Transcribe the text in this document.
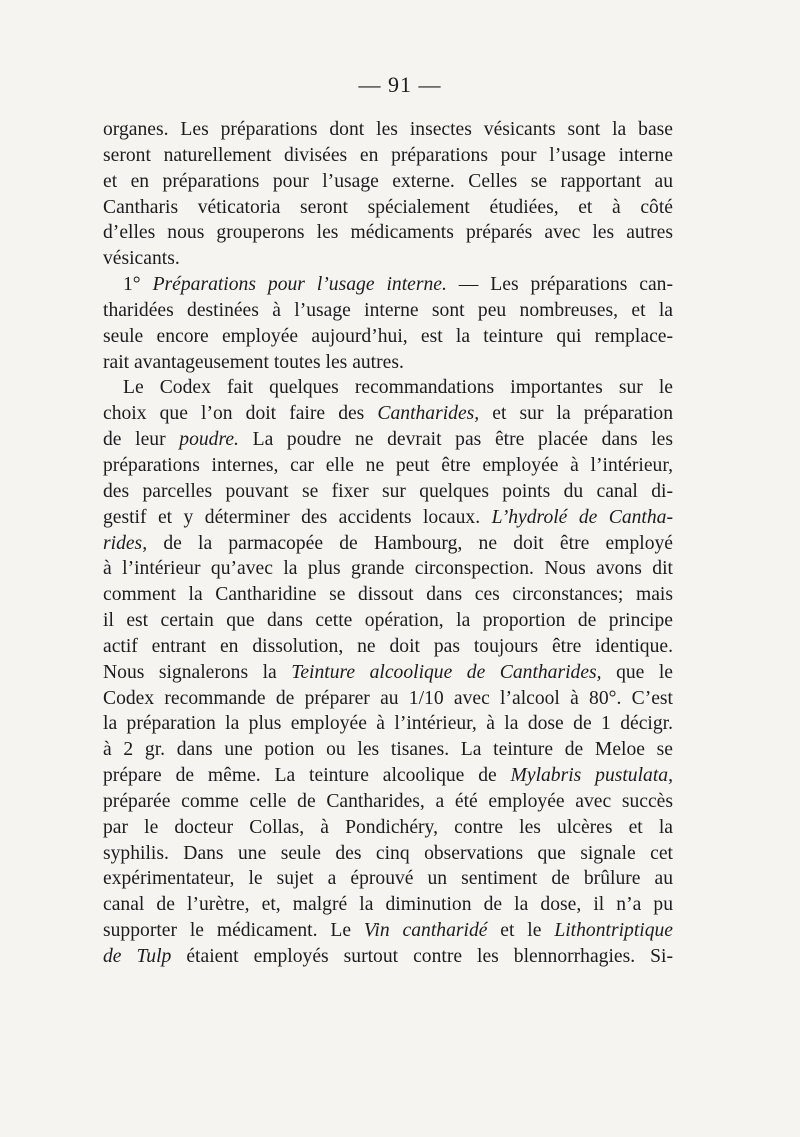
— 91 —
organes. Les préparations dont les insectes vésicants sont la base
seront naturellement divisées en préparations pour l’usage interne
et en préparations pour l’usage externe. Celles se rapportant au
Cantharis véticatoria seront spécialement étudiées, et à côté
d’elles nous grouperons les médicaments préparés avec les autres
vésicants.
1° Préparations pour l’usage interne. — Les préparations can-
tharidées destinées à l’usage interne sont peu nombreuses, et la
seule encore employée aujourd’hui, est la teinture qui remplace-
rait avantageusement toutes les autres.
Le Codex fait quelques recommandations importantes sur le
choix que l’on doit faire des Cantharides, et sur la préparation
de leur poudre. La poudre ne devrait pas être placée dans les
préparations internes, car elle ne peut être employée à l’intérieur,
des parcelles pouvant se fixer sur quelques points du canal di-
gestif et y déterminer des accidents locaux. L’hydrolé de Cantha-
rides, de la parmacopée de Hambourg, ne doit être employé
à l’intérieur qu’avec la plus grande circonspection. Nous avons dit
comment la Cantharidine se dissout dans ces circonstances; mais
il est certain que dans cette opération, la proportion de principe
actif entrant en dissolution, ne doit pas toujours être identique.
Nous signalerons la Teinture alcoolique de Cantharides, que le
Codex recommande de préparer au 1/10 avec l’alcool à 80°. C’est
la préparation la plus employée à l’intérieur, à la dose de 1 décigr.
à 2 gr. dans une potion ou les tisanes. La teinture de Meloe se
prépare de même. La teinture alcoolique de Mylabris pustulata,
préparée comme celle de Cantharides, a été employée avec succès
par le docteur Collas, à Pondichéry, contre les ulcères et la
syphilis. Dans une seule des cinq observations que signale cet
expérimentateur, le sujet a éprouvé un sentiment de brûlure au
canal de l’urètre, et, malgré la diminution de la dose, il n’a pu
supporter le médicament. Le Vin cantharidé et le Lithontriptique
de Tulp étaient employés surtout contre les blennorrhagies. Si-
